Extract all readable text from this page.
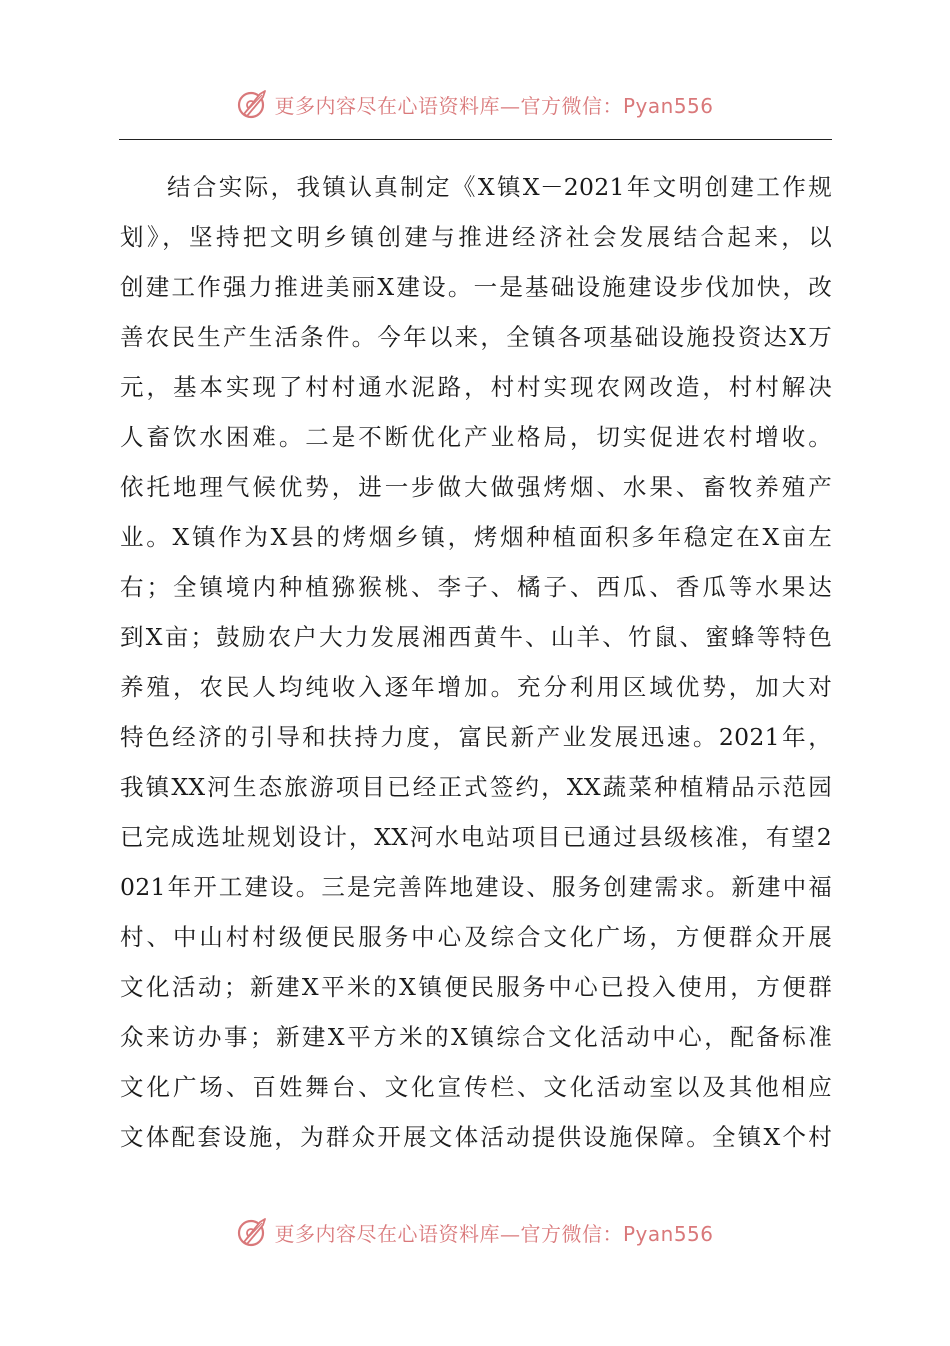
更多内容尽在心语资料库—官方微信：Pyan556
结合实际，我镇认真制定《X镇X－2021年文明创建工作规
划》，坚持把文明乡镇创建与推进经济社会发展结合起来，以
创建工作强力推进美丽X建设。一是基础设施建设步伐加快，改
善农民生产生活条件。今年以来，全镇各项基础设施投资达X万
元，基本实现了村村通水泥路，村村实现农网改造，村村解决
人畜饮水困难。二是不断优化产业格局，切实促进农村增收。
依托地理气候优势，进一步做大做强烤烟、水果、畜牧养殖产
业。X镇作为X县的烤烟乡镇，烤烟种植面积多年稳定在X亩左
右；全镇境内种植猕猴桃、李子、橘子、西瓜、香瓜等水果达
到X亩；鼓励农户大力发展湘西黄牛、山羊、竹鼠、蜜蜂等特色
养殖，农民人均纯收入逐年增加。充分利用区域优势，加大对
特色经济的引导和扶持力度，富民新产业发展迅速。2021年，
我镇XX河生态旅游项目已经正式签约，XX蔬菜种植精品示范园
已完成选址规划设计，XX河水电站项目已通过县级核准，有望2
021年开工建设。三是完善阵地建设、服务创建需求。新建中福
村、中山村村级便民服务中心及综合文化广场，方便群众开展
文化活动；新建X平米的X镇便民服务中心已投入使用，方便群
众来访办事；新建X平方米的X镇综合文化活动中心，配备标准
文化广场、百姓舞台、文化宣传栏、文化活动室以及其他相应
文体配套设施，为群众开展文体活动提供设施保障。全镇X个村
更多内容尽在心语资料库—官方微信：Pyan556
